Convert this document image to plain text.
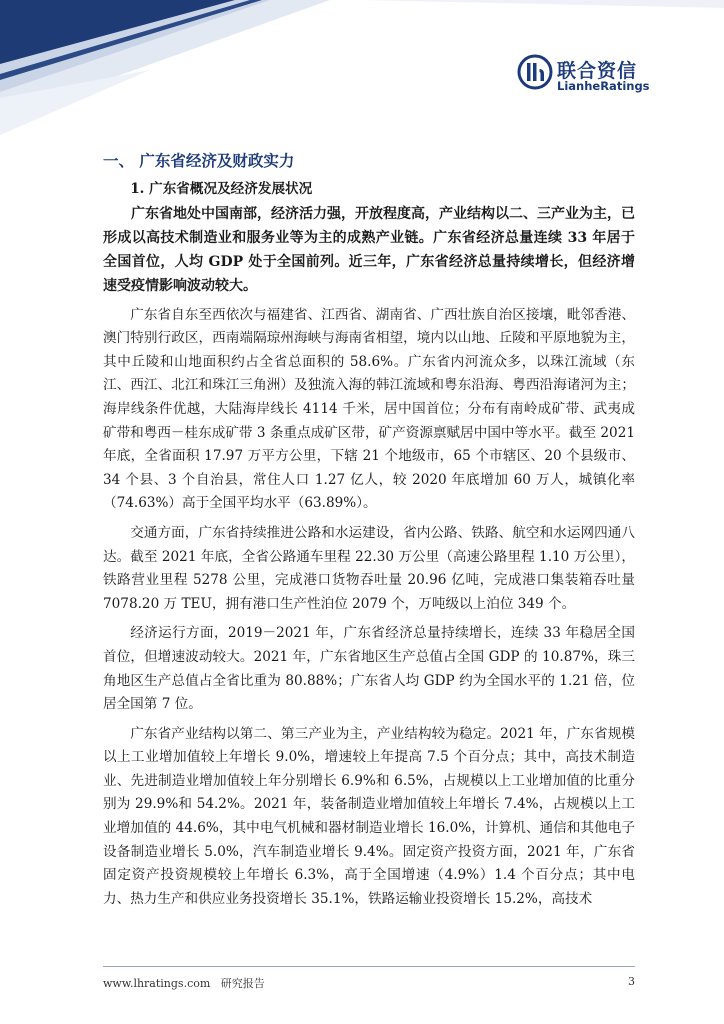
联合资信
LianheRatings
一、 广东省经济及财政实力

1. 广东省概况及经济发展状况

广东省地处中国南部，经济活力强，开放程度高，产业结构以二、三产业为主，已形成以高技术制造业和服务业等为主的成熟产业链。广东省经济总量连续 33 年居于全国首位，人均 GDP 处于全国前列。近三年，广东省经济总量持续增长，但经济增速受疫情影响波动较大。

广东省自东至西依次与福建省、江西省、湖南省、广西壮族自治区接壤，毗邻香港、澳门特别行政区，西南端隔琼州海峡与海南省相望，境内以山地、丘陵和平原地貌为主，其中丘陵和山地面积约占全省总面积的 58.6%。广东省内河流众多，以珠江流域（东江、西江、北江和珠江三角洲）及独流入海的韩江流域和粤东沿海、粤西沿海诸河为主；海岸线条件优越，大陆海岸线长 4114 千米，居中国首位；分布有南岭成矿带、武夷成矿带和粤西－桂东成矿带 3 条重点成矿区带，矿产资源禀赋居中国中等水平。截至 2021 年底，全省面积 17.97 万平方公里，下辖 21 个地级市，65 个市辖区、20 个县级市、34 个县、3 个自治县，常住人口 1.27 亿人，较 2020 年底增加 60 万人，城镇化率（74.63%）高于全国平均水平（63.89%）。

交通方面，广东省持续推进公路和水运建设，省内公路、铁路、航空和水运网四通八达。截至 2021 年底，全省公路通车里程 22.30 万公里（高速公路里程 1.10 万公里），铁路营业里程 5278 公里，完成港口货物吞吐量 20.96 亿吨，完成港口集装箱吞吐量 7078.20 万 TEU，拥有港口生产性泊位 2079 个，万吨级以上泊位 349 个。

经济运行方面，2019－2021 年，广东省经济总量持续增长，连续 33 年稳居全国首位，但增速波动较大。2021 年，广东省地区生产总值占全国 GDP 的 10.87%，珠三角地区生产总值占全省比重为 80.88%；广东省人均 GDP 约为全国水平的 1.21 倍，位居全国第 7 位。

广东省产业结构以第二、第三产业为主，产业结构较为稳定。2021 年，广东省规模以上工业增加值较上年增长 9.0%，增速较上年提高 7.5 个百分点；其中，高技术制造业、先进制造业增加值较上年分别增长 6.9%和 6.5%，占规模以上工业增加值的比重分别为 29.9%和 54.2%。2021 年，装备制造业增加值较上年增长 7.4%，占规模以上工业增加值的 44.6%，其中电气机械和器材制造业增长 16.0%，计算机、通信和其他电子设备制造业增长 5.0%，汽车制造业增长 9.4%。固定资产投资方面，2021 年，广东省固定资产投资规模较上年增长 6.3%，高于全国增速（4.9%）1.4 个百分点；其中电力、热力生产和供应业务投资增长 35.1%，铁路运输业投资增长 15.2%，高技术

www.lhratings.com 研究报告	3
